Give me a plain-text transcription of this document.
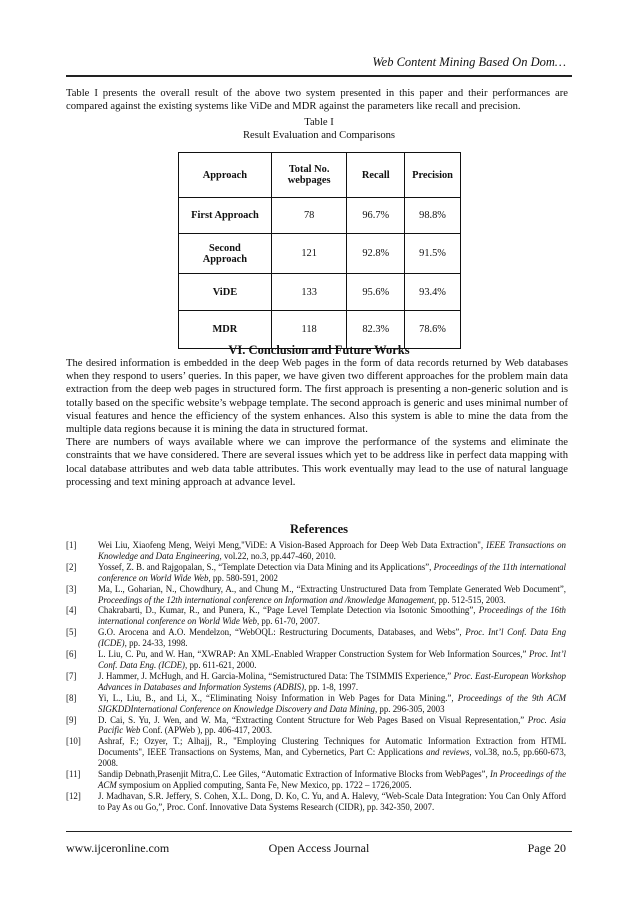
Web Content Mining Based On Dom…
Table I presents the overall result of the above two system presented in this paper and their performances are compared against the existing systems like ViDe and MDR against the parameters like recall and precision.
Table I
Result Evaluation and Comparisons
Approach	Total No. webpages	Recall	Precision
First Approach	78	96.7%	98.8%
Second Approach	121	92.8%	91.5%
ViDE	133	95.6%	93.4%
MDR	118	82.3%	78.6%
VI. Conclusion and Future Works

The desired information is embedded in the deep Web pages in the form of data records returned by Web databases when they respond to users’ queries. In this paper, we have given two different approaches for the problem main data extraction from the deep web pages in structured form. The first approach is presenting a non-generic solution and is totally based on the specific website’s webpage template. The second approach is generic and uses minimal number of visual features and hence the efficiency of the system enhances. Also this system is able to mine the data from the multiple data regions because it is mining the data in structured format.

There are numbers of ways available where we can improve the performance of the systems and eliminate the constraints that we have considered. There are several issues which yet to be address like in perfect data mapping with local database attributes and web data table attributes. This work eventually may lead to the use of natural language processing and text mining approach at advance level.

References
[1] Wei Liu, Xiaofeng Meng, Weiyi Meng,"ViDE: A Vision-Based Approach for Deep Web Data Extraction", IEEE Transactions on Knowledge and Data Engineering, vol.22, no.3, pp.447-460, 2010.
[2] Yossef, Z. B. and Rajgopalan, S., “Template Detection via Data Mining and its Applications”, Proceedings of the 11th international conference on World Wide Web, pp. 580-591, 2002
[3] Ma, L., Goharian, N., Chowdhury, A., and Chung M., “Extracting Unstructured Data from Template Generated Web Document”, Proceedings of the 12th international conference on Information and /knowledge Management, pp. 512-515, 2003.
[4] Chakrabarti, D., Kumar, R., and Punera, K., “Page Level Template Detection via Isotonic Smoothing”, Proceedings of the 16th international conference on World Wide Web, pp. 61-70, 2007.
[5] G.O. Arocena and A.O. Mendelzon, “WebOQL: Restructuring Documents, Databases, and Webs”, Proc. Int’l Conf. Data Eng (ICDE), pp. 24-33, 1998.
[6] L. Liu, C. Pu, and W. Han, “XWRAP: An XML-Enabled Wrapper Construction System for Web Information Sources,” Proc. Int’l Conf. Data Eng. (ICDE), pp. 611-621, 2000.
[7] J. Hammer, J. McHugh, and H. Garcia-Molina, “Semistructured Data: The TSIMMIS Experience,” Proc. East-European Workshop Advances in Databases and Information Systems (ADBIS), pp. 1-8, 1997.
[8] Yi, L., Liu, B., and Li, X., “Eliminating Noisy Information in Web Pages for Data Mining.”, Proceedings of the 9th ACM SIGKDDInternational Conference on Knowledge Discovery and Data Mining, pp. 296-305, 2003
[9] D. Cai, S. Yu, J. Wen, and W. Ma, “Extracting Content Structure for Web Pages Based on Visual Representation,” Proc. Asia Pacific Web Conf. (APWeb ), pp. 406-417, 2003.
[10] Ashraf, F.; Ozyer, T.; Alhajj, R., "Employing Clustering Techniques for Automatic Information Extraction from HTML Documents", IEEE Transactions on Systems, Man, and Cybernetics, Part C: Applications and reviews, vol.38, no.5, pp.660-673, 2008.
[11] Sandip Debnath,Prasenjit Mitra,C. Lee Giles, “Automatic Extraction of Informative Blocks from WebPages”, In Proceedings of the ACM symposium on Applied computing, Santa Fe, New Mexico, pp. 1722 – 1726,2005.
[12] J. Madhavan, S.R. Jeffery, S. Cohen, X.L. Dong, D. Ko, C. Yu, and A. Halevy, “Web-Scale Data Integration: You Can Only Afford to Pay As ou Go,”, Proc. Conf. Innovative Data Systems Research (CIDR), pp. 342-350, 2007.
www.ijceronline.com	Open Access Journal	Page 20
